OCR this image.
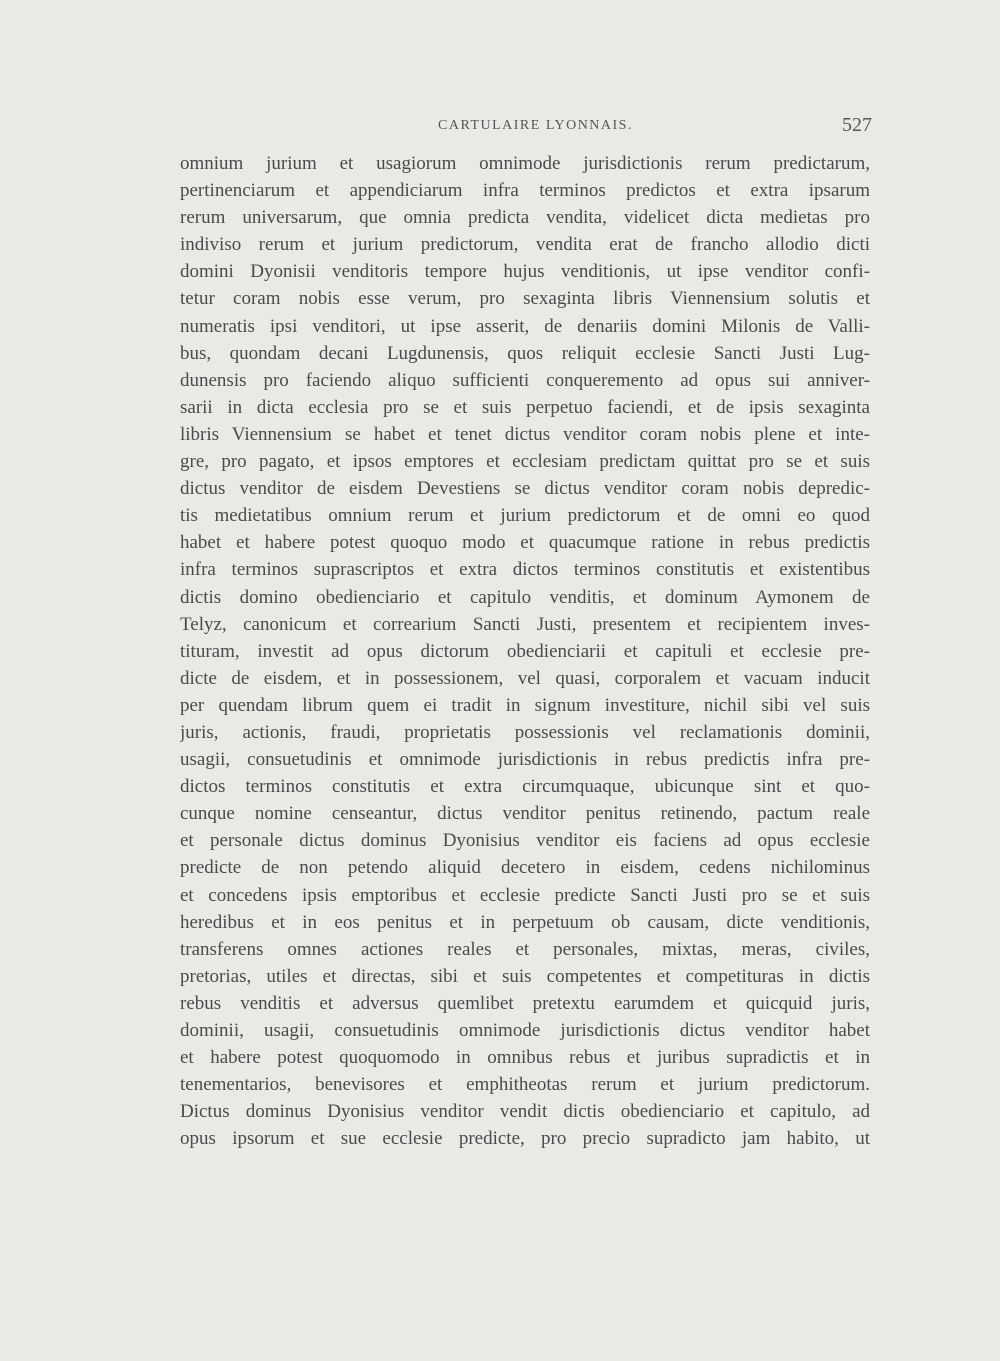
CARTULAIRE LYONNAIS.	527
omnium jurium et usagiorum omnimode jurisdictionis rerum predictarum,
pertinenciarum et appendiciarum infra terminos predictos et extra ipsarum
rerum universarum, que omnia predicta vendita, videlicet dicta medietas pro
indiviso rerum et jurium predictorum, vendita erat de francho allodio dicti
domini Dyonisii venditoris tempore hujus venditionis, ut ipse venditor confi-
tetur coram nobis esse verum, pro sexaginta libris Viennensium solutis et
numeratis ipsi venditori, ut ipse asserit, de denariis domini Milonis de Valli-
bus, quondam decani Lugdunensis, quos reliquit ecclesie Sancti Justi Lug-
dunensis pro faciendo aliquo sufficienti conqueremento ad opus sui anniver-
sarii in dicta ecclesia pro se et suis perpetuo faciendi, et de ipsis sexaginta
libris Viennensium se habet et tenet dictus venditor coram nobis plene et inte-
gre, pro pagato, et ipsos emptores et ecclesiam predictam quittat pro se et suis
dictus venditor de eisdem Devestiens se dictus venditor coram nobis depredic-
tis medietatibus omnium rerum et jurium predictorum et de omni eo quod
habet et habere potest quoquo modo et quacumque ratione in rebus predictis
infra terminos suprascriptos et extra dictos terminos constitutis et existentibus
dictis domino obedienciario et capitulo venditis, et dominum Aymonem de
Telyz, canonicum et correarium Sancti Justi, presentem et recipientem inves-
tituram, investit ad opus dictorum obedienciarii et capituli et ecclesie pre-
dicte de eisdem, et in possessionem, vel quasi, corporalem et vacuam inducit
per quendam librum quem ei tradit in signum investiture, nichil sibi vel suis
juris, actionis, fraudi, proprietatis possessionis vel reclamationis dominii,
usagii, consuetudinis et omnimode jurisdictionis in rebus predictis infra pre-
dictos terminos constitutis et extra circumquaque, ubicunque sint et quo-
cunque nomine censeantur, dictus venditor penitus retinendo, pactum reale
et personale dictus dominus Dyonisius venditor eis faciens ad opus ecclesie
predicte de non petendo aliquid decetero in eisdem, cedens nichilominus
et concedens ipsis emptoribus et ecclesie predicte Sancti Justi pro se et suis
heredibus et in eos penitus et in perpetuum ob causam, dicte venditionis,
transferens omnes actiones reales et personales, mixtas, meras, civiles,
pretorias, utiles et directas, sibi et suis competentes et competituras in dictis
rebus venditis et adversus quemlibet pretextu earumdem et quicquid juris,
dominii, usagii, consuetudinis omnimode jurisdictionis dictus venditor habet
et habere potest quoquomodo in omnibus rebus et juribus supradictis et in
tenementarios, benevisores et emphitheotas rerum et jurium predictorum.
Dictus dominus Dyonisius venditor vendit dictis obedienciario et capitulo, ad
opus ipsorum et sue ecclesie predicte, pro precio supradicto jam habito, ut
